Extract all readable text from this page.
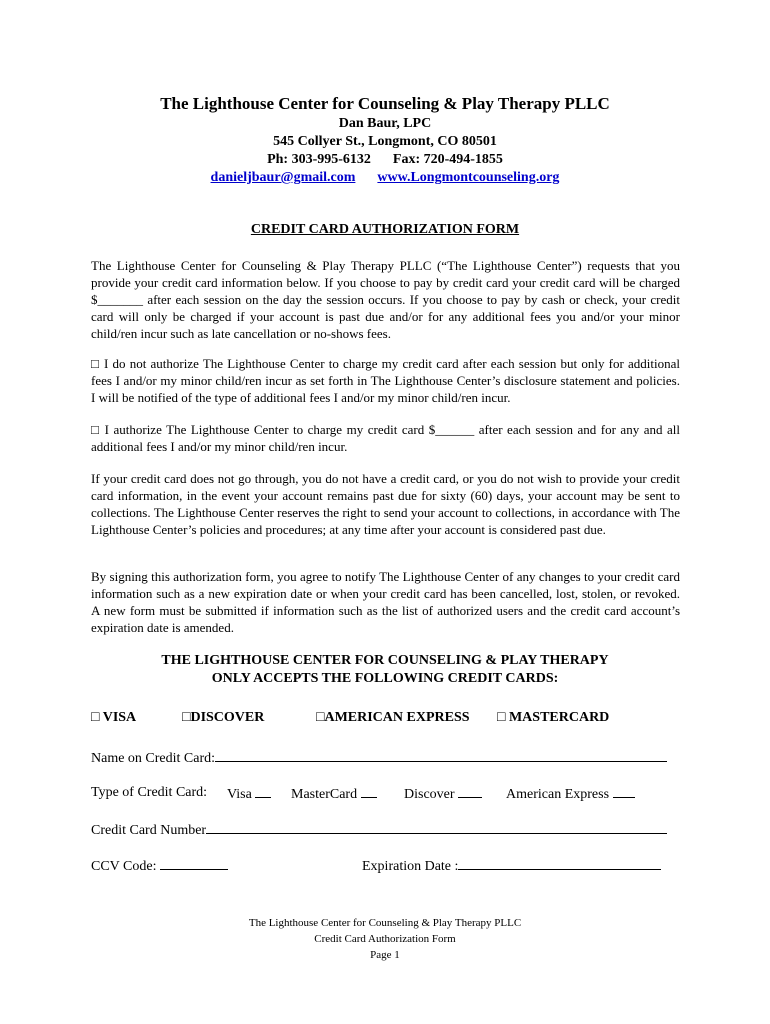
The Lighthouse Center for Counseling & Play Therapy PLLC
Dan Baur, LPC
545 Collyer St., Longmont, CO 80501
Ph: 303-995-6132 Fax: 720-494-1855
danieljbaur@gmail.com www.Longmontcounseling.org
CREDIT CARD AUTHORIZATION FORM
The Lighthouse Center for Counseling & Play Therapy PLLC (“The Lighthouse Center”) requests that you provide your credit card information below. If you choose to pay by credit card your credit card will be charged $_______ after each session on the day the session occurs. If you choose to pay by cash or check, your credit card will only be charged if your account is past due and/or for any additional fees you and/or your minor child/ren incur such as late cancellation or no-shows fees.
□ I do not authorize The Lighthouse Center to charge my credit card after each session but only for additional fees I and/or my minor child/ren incur as set forth in The Lighthouse Center’s disclosure statement and policies. I will be notified of the type of additional fees I and/or my minor child/ren incur.
□ I authorize The Lighthouse Center to charge my credit card $______ after each session and for any and all additional fees I and/or my minor child/ren incur.
If your credit card does not go through, you do not have a credit card, or you do not wish to provide your credit card information, in the event your account remains past due for sixty (60) days, your account may be sent to collections. The Lighthouse Center reserves the right to send your account to collections, in accordance with The Lighthouse Center’s policies and procedures; at any time after your account is considered past due.
By signing this authorization form, you agree to notify The Lighthouse Center of any changes to your credit card information such as a new expiration date or when your credit card has been cancelled, lost, stolen, or revoked. A new form must be submitted if information such as the list of authorized users and the credit card account’s expiration date is amended.
THE LIGHTHOUSE CENTER FOR COUNSELING & PLAY THERAPY
ONLY ACCEPTS THE FOLLOWING CREDIT CARDS:
□ VISA	□DISCOVER	□AMERICAN EXPRESS □ MASTERCARD
Name on Credit Card:
Type of Credit Card: Visa	MasterCard	Discover	American Express
Credit Card Number
CCV Code:	Expiration Date :
The Lighthouse Center for Counseling & Play Therapy PLLC
Credit Card Authorization Form
Page 1
